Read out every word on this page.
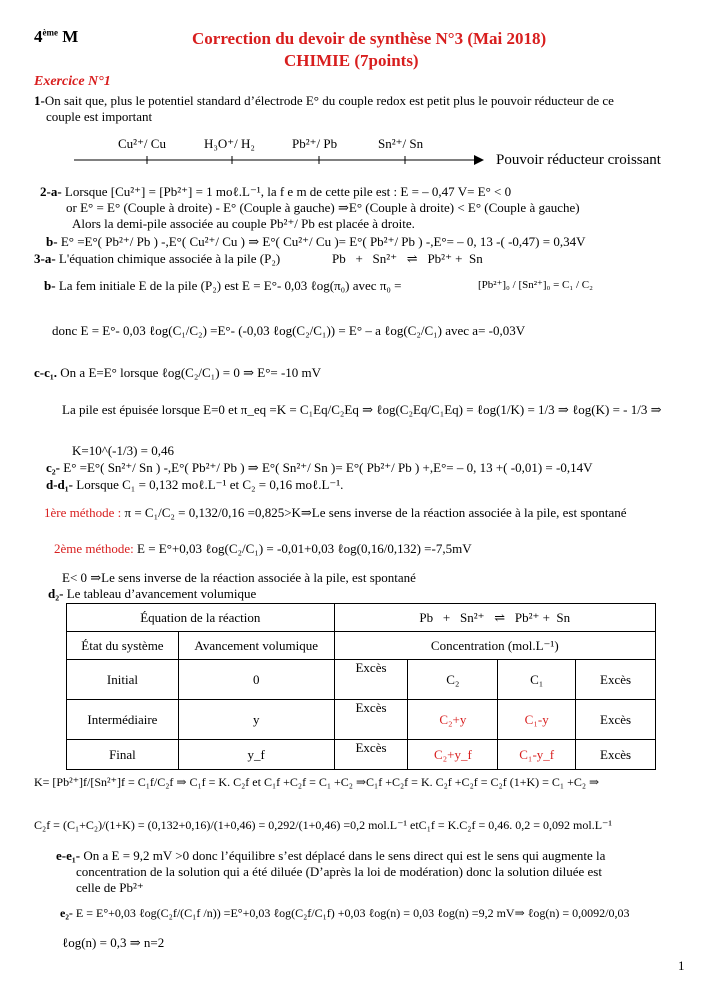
4ème M	Correction du devoir de synthèse N°3 (Mai 2018)
CHIMIE (7points)
Exercice N°1
1-On sait que, plus le potentiel standard d’électrode E° du couple redox est petit plus le pouvoir réducteur de ce
couple est important
Cu²⁺/ Cu	H₃O⁺/ H₂	Pb²⁺/ Pb	Sn²⁺/ Sn
Pouvoir réducteur croissant
2-a- Lorsque [Cu²⁺] = [Pb²⁺] = 1 moℓ.L⁻¹, la f e m de cette pile est : E = – 0,47 V= E° < 0
or E° = E° (Couple à droite) - E° (Couple à gauche) ⇒E° (Couple à droite) < E° (Couple à gauche)
Alors la demi-pile associée au couple Pb²⁺/ Pb est placée à droite.
b- E° =E°( Pb²⁺/ Pb ) -,E°( Cu²⁺/ Cu ) ⇒ E°( Cu²⁺/ Cu )= E°( Pb²⁺/ Pb ) -,E°= – 0, 13 -( -0,47) = 0,34V
3-a- L'équation chimique associée à la pile (P₂)	Pb   +   Sn²⁺   ⇌   Pb²⁺ +  Sn
b- La fem initiale E de la pile (P₂) est E = E°- 0,03 ℓog(π₀) avec π₀ =	[Pb²⁺]₀ / [Sn²⁺]₀ = C₁ / C₂
donc E = E°- 0,03 ℓog(C₁/C₂) =E°- (-0,03 ℓog(C₂/C₁)) = E° – a ℓog(C₂/C₁) avec a= -0,03V
c-c₁. On a E=E° lorsque ℓog(C₂/C₁) = 0 ⇒ E°= -10 mV
La pile est épuisée lorsque E=0 et π_eq =K = C₁Eq/C₂Eq ⇒ ℓog(C₂Eq/C₁Eq) = ℓog(1/K) = 1/3 ⇒ ℓog(K) = - 1/3 ⇒
K=10^(-1/3) = 0,46
c₂- E° =E°( Sn²⁺/ Sn ) -,E°( Pb²⁺/ Pb ) ⇒ E°( Sn²⁺/ Sn )= E°( Pb²⁺/ Pb ) +,E°= – 0, 13 +( -0,01) = -0,14V
d-d₁- Lorsque C₁ = 0,132 moℓ.L⁻¹ et C₂ = 0,16 moℓ.L⁻¹.
1ère méthode : π = C₁/C₂ = 0,132/0,16 =0,825>K⇒Le sens inverse de la réaction associée à la pile, est spontané
2ème méthode: E = E°+0,03 ℓog(C₂/C₁) = -0,01+0,03 ℓog(0,16/0,132) =-7,5mV
E< 0 ⇒Le sens inverse de la réaction associée à la pile, est spontané
d₂- Le tableau d’avancement volumique
Équation de la réaction		Pb   +   Sn²⁺   ⇌   Pb²⁺ +  Sn			
État du système	Avancement volumique	Concentration (mol.L⁻¹)			
Initial	0	Excès	C₂	C₁	Excès
Intermédiaire	y	Excès	C₂+y	C₁-y	Excès
Final	y_f	Excès	C₂+y_f	C₁-y_f	Excès
K= [Pb²⁺]f/[Sn²⁺]f = C₁f/C₂f ⇒ C₁f = K. C₂f et C₁f +C₂f = C₁ +C₂ ⇒C₁f +C₂f = K. C₂f +C₂f = C₂f (1+K) = C₁ +C₂ ⇒
C₂f = (C₁+C₂)/(1+K) = (0,132+0,16)/(1+0,46) = 0,292/(1+0,46) =0,2 mol.L⁻¹ etC₁f = K.C₂f = 0,46. 0,2 = 0,092 mol.L⁻¹
e-e₁- On a E = 9,2 mV >0 donc l’équilibre s’est déplacé dans le sens direct qui est le sens qui augmente la
concentration de la solution qui a été diluée (D’après la loi de modération) donc la solution diluée est
celle de Pb²⁺
e₂- E = E°+0,03 ℓog(C₂f/(C₁f /n)) =E°+0,03 ℓog(C₂f/C₁f) +0,03 ℓog(n) = 0,03 ℓog(n) =9,2 mV⇒ ℓog(n) = 0,0092/0,03
ℓog(n) = 0,3 ⇒ n=2
1
